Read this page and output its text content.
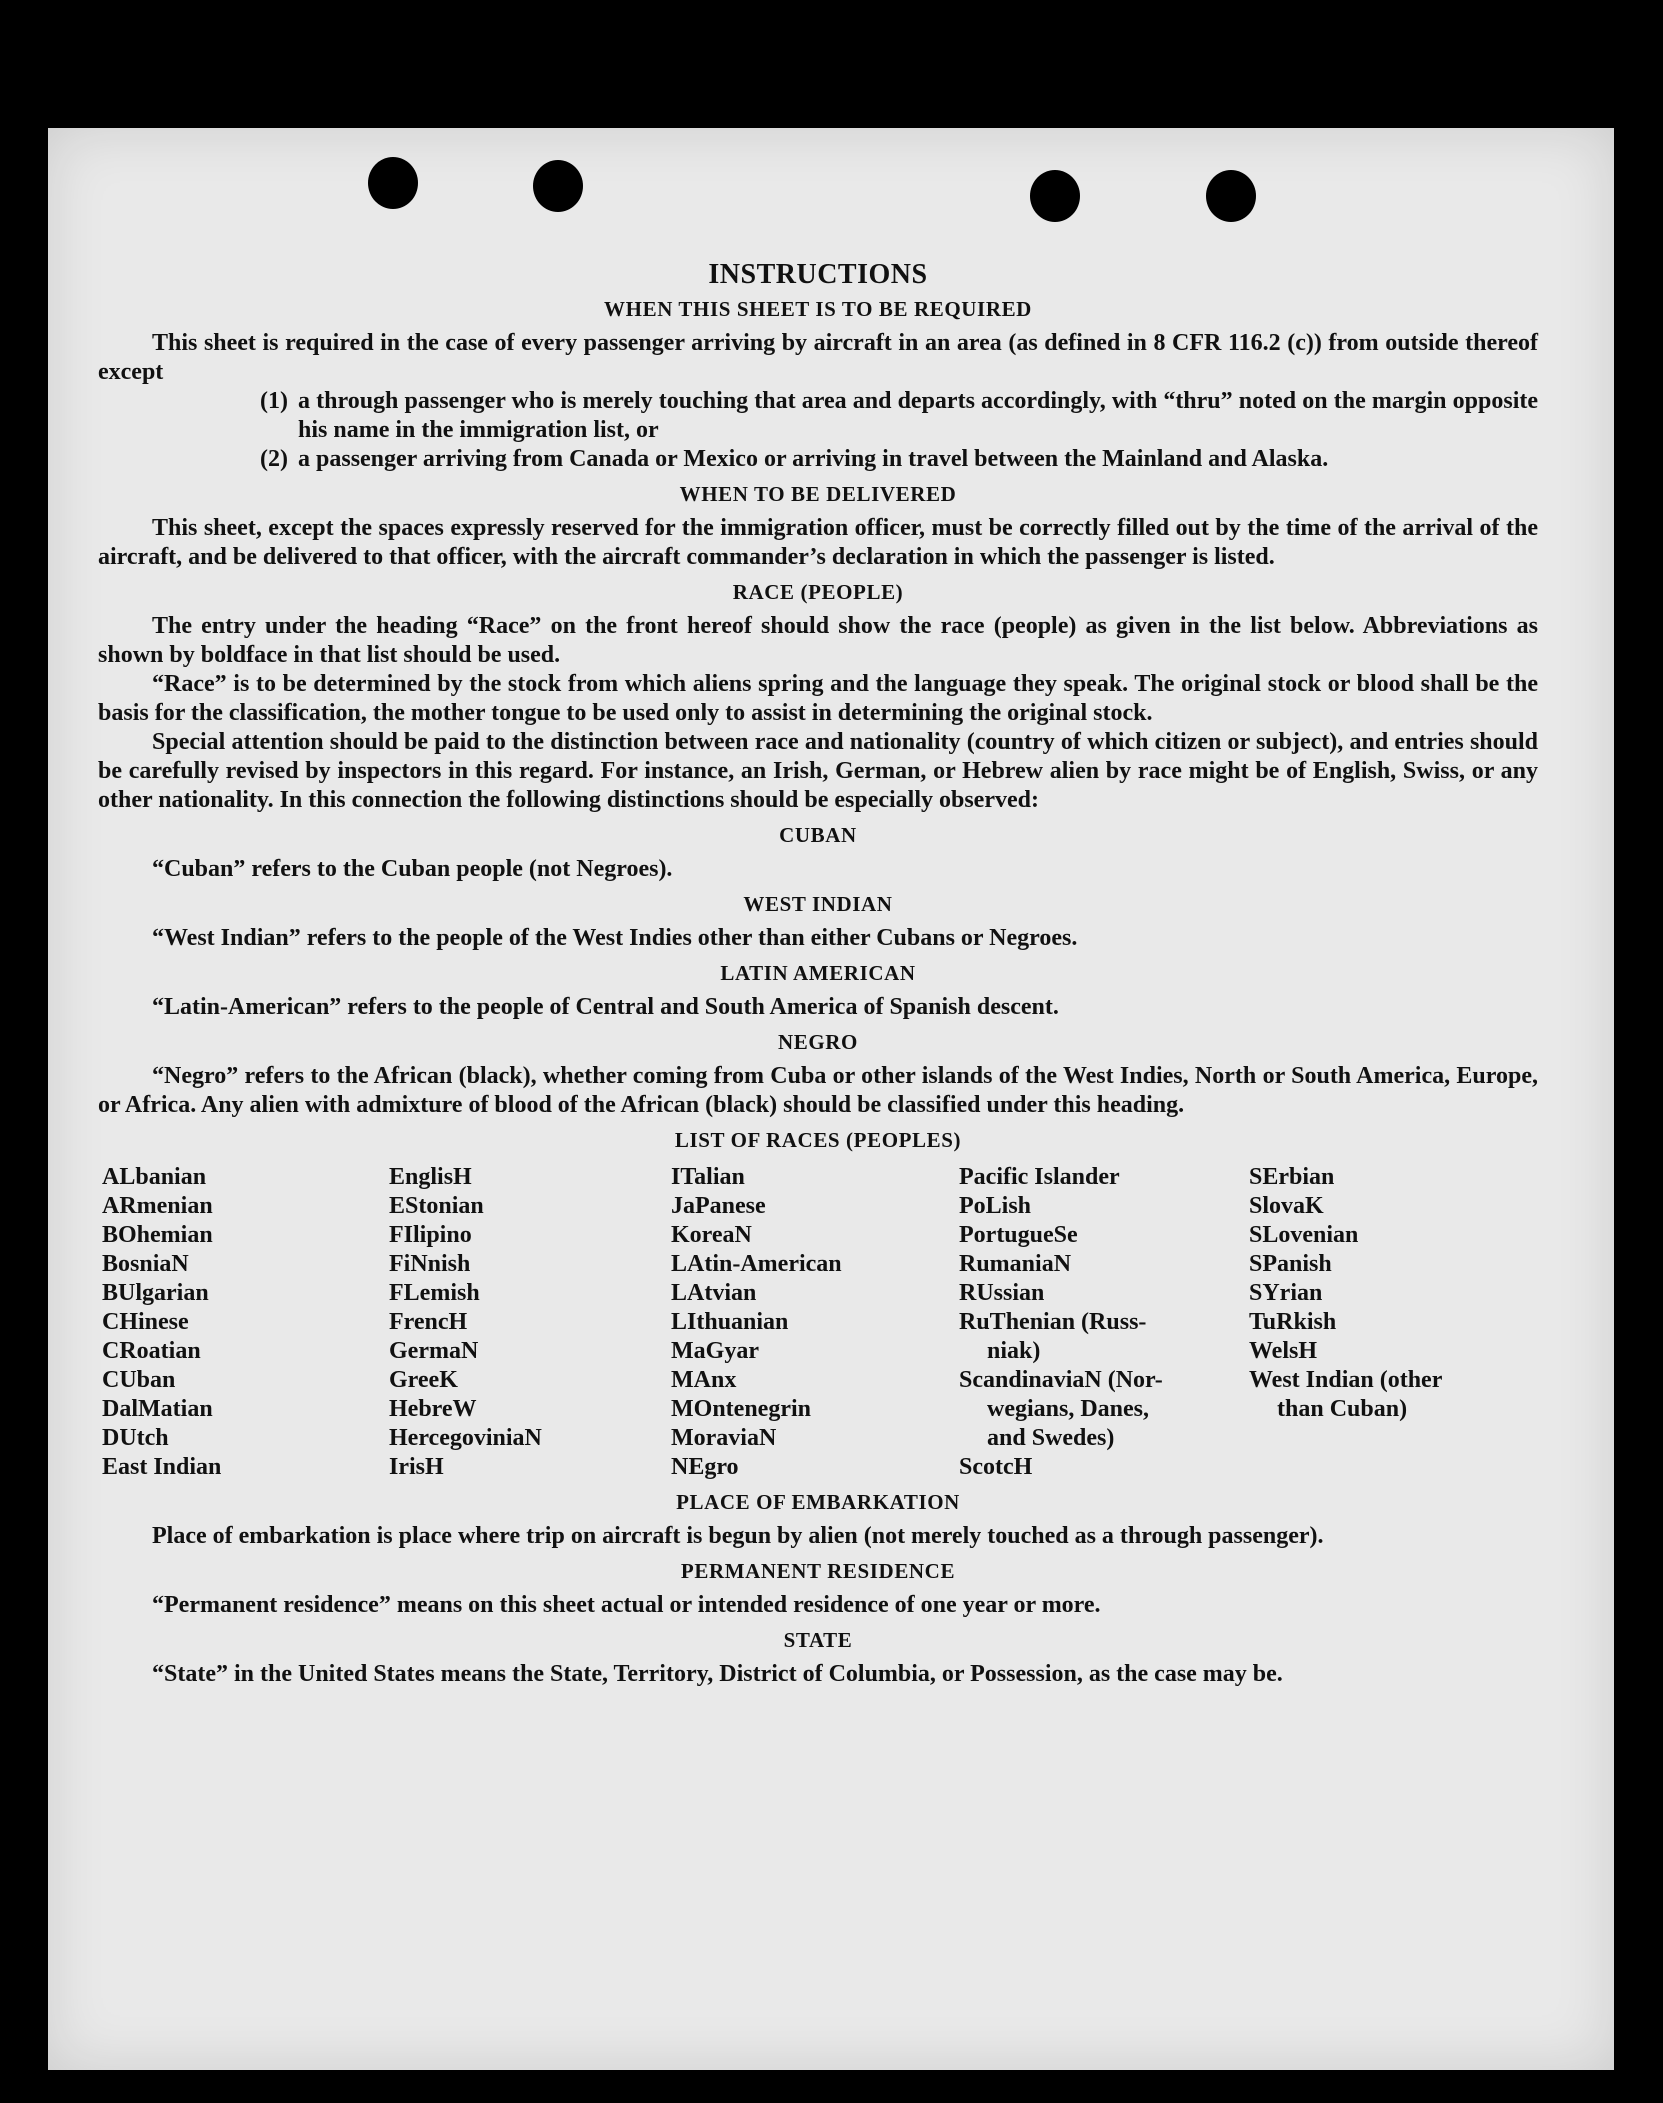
INSTRUCTIONS
WHEN THIS SHEET IS TO BE REQUIRED

This sheet is required in the case of every passenger arriving by aircraft in an area (as defined in 8 CFR 116.2 (c)) from outside thereof except

(1) a through passenger who is merely touching that area and departs accordingly, with “thru” noted on the margin opposite his name in the immigration list, or

(2) a passenger arriving from Canada or Mexico or arriving in travel between the Mainland and Alaska.

WHEN TO BE DELIVERED

This sheet, except the spaces expressly reserved for the immigration officer, must be correctly filled out by the time of the arrival of the aircraft, and be delivered to that officer, with the aircraft commander’s declaration in which the passenger is listed.

RACE (PEOPLE)

The entry under the heading “Race” on the front hereof should show the race (people) as given in the list below. Abbreviations as shown by boldface in that list should be used.

“Race” is to be determined by the stock from which aliens spring and the language they speak. The original stock or blood shall be the basis for the classification, the mother tongue to be used only to assist in determining the original stock.

Special attention should be paid to the distinction between race and nationality (country of which citizen or subject), and entries should be carefully revised by inspectors in this regard. For instance, an Irish, German, or Hebrew alien by race might be of English, Swiss, or any other nationality. In this connection the following distinctions should be especially observed:

CUBAN

“Cuban” refers to the Cuban people (not Negroes).

WEST INDIAN

“West Indian” refers to the people of the West Indies other than either Cubans or Negroes.

LATIN AMERICAN

“Latin-American” refers to the people of Central and South America of Spanish descent.

NEGRO

“Negro” refers to the African (black), whether coming from Cuba or other islands of the West Indies, North or South America, Europe, or Africa. Any alien with admixture of blood of the African (black) should be classified under this heading.

LIST OF RACES (PEOPLES)
ALbanian
ARmenian
BOhemian
BosniaN
BUlgarian
CHinese
CRoatian
CUban
DalMatian
DUtch
East Indian
EnglisH
EStonian
FIlipino
FiNnish
FLemish
FrencH
GermaN
GreeK
HebreW
HercegoviniaN
IrisH
ITalian
JaPanese
KoreaN
LAtin-American
LAtvian
LIthuanian
MaGyar
MAnx
MOntenegrin
MoraviaN
NEgro
Pacific Islander
PoLish
PortugueSe
RumaniaN
RUssian
RuThenian (Russ-
niak)
ScandinaviaN (Nor-
wegians, Danes,
and Swedes)
ScotcH
SErbian
SlovaK
SLovenian
SPanish
SYrian
TuRkish
WelsH
West Indian (other
than Cuban)
PLACE OF EMBARKATION

Place of embarkation is place where trip on aircraft is begun by alien (not merely touched as a through passenger).

PERMANENT RESIDENCE

“Permanent residence” means on this sheet actual or intended residence of one year or more.

STATE

“State” in the United States means the State, Territory, District of Columbia, or Possession, as the case may be.
